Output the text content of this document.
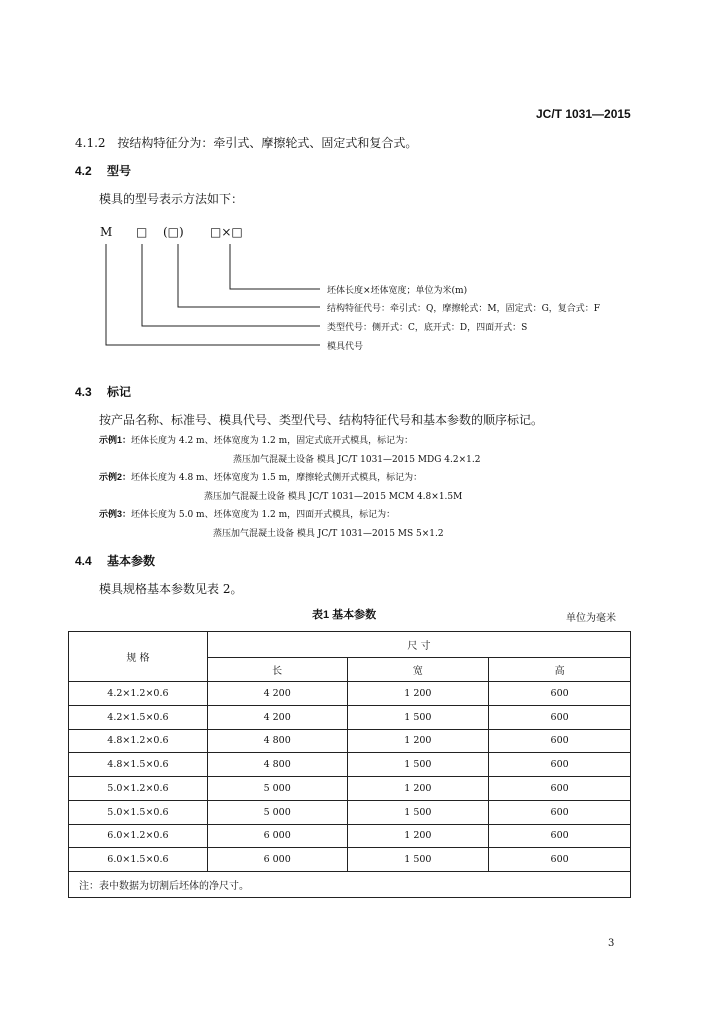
JC/T 1031—2015
4.1.2 按结构特征分为：牵引式、摩擦轮式、固定式和复合式。
4.2 型号
模具的型号表示方法如下：
M □ (□) □×□
坯体长度×坯体宽度；单位为米(m)
结构特征代号：牵引式：Q，摩擦轮式：M，固定式：G，复合式：F
类型代号：侧开式：C，底开式：D，四面开式：S
模具代号
4.3 标记
按产品名称、标准号、模具代号、类型代号、结构特征代号和基本参数的顺序标记。
示例1：坯体长度为 4.2 m、坯体宽度为 1.2 m，固定式底开式模具，标记为：
蒸压加气混凝土设备 模具 JC/T 1031—2015 MDG 4.2×1.2
示例2：坯体长度为 4.8 m、坯体宽度为 1.5 m，摩擦轮式侧开式模具，标记为：
蒸压加气混凝土设备 模具 JC/T 1031—2015 MCM 4.8×1.5M
示例3：坯体长度为 5.0 m、坯体宽度为 1.2 m，四面开式模具，标记为：
蒸压加气混凝土设备 模具 JC/T 1031—2015 MS 5×1.2
4.4 基本参数
模具规格基本参数见表 2。
表1 基本参数	单位为毫米
规 格	尺 寸		
	长	宽	高
4.2×1.2×0.6	4 200	1 200	600
4.2×1.5×0.6	4 200	1 500	600
4.8×1.2×0.6	4 800	1 200	600
4.8×1.5×0.6	4 800	1 500	600
5.0×1.2×0.6	5 000	1 200	600
5.0×1.5×0.6	5 000	1 500	600
6.0×1.2×0.6	6 000	1 200	600
6.0×1.5×0.6	6 000	1 500	600
注：表中数据为切割后坯体的净尺寸。			
3
